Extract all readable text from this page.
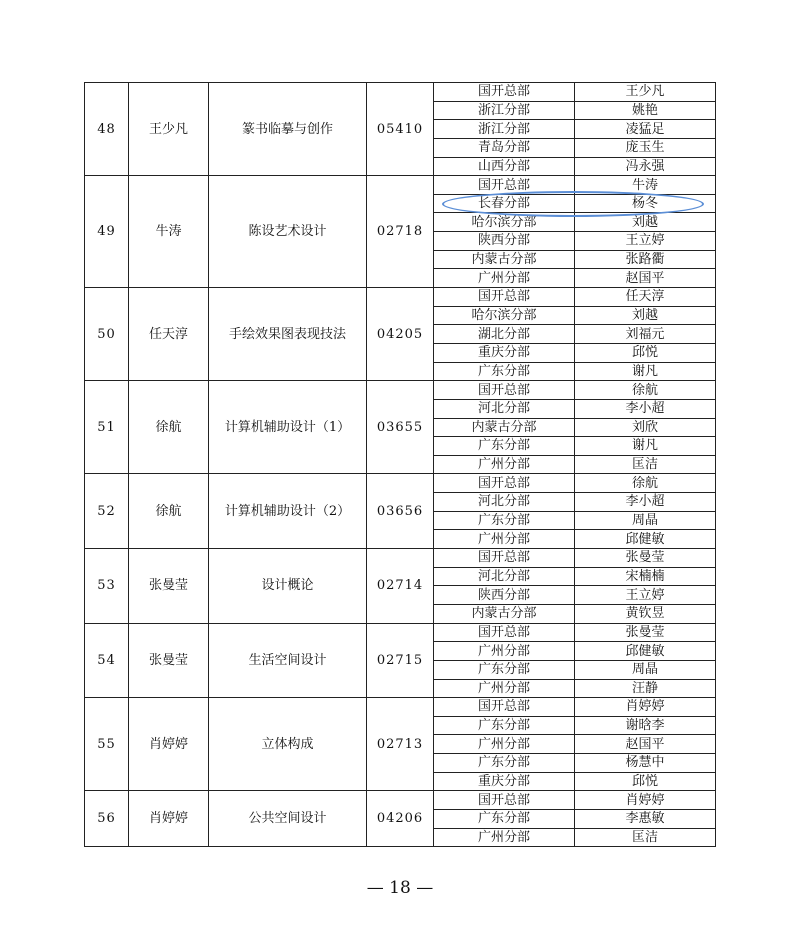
48	王少凡	篆书临摹与创作	05410	国开总部	王少凡
				浙江分部	姚艳
				浙江分部	凌猛足
				青岛分部	庞玉生
				山西分部	冯永强
49	牛涛	陈设艺术设计	02718	国开总部	牛涛
				长春分部	杨冬
				哈尔滨分部	刘越
				陕西分部	王立婷
				内蒙古分部	张路衢
				广州分部	赵国平
50	任天淳	手绘效果图表现技法	04205	国开总部	任天淳
				哈尔滨分部	刘越
				湖北分部	刘福元
				重庆分部	邱悦
				广东分部	谢凡
51	徐航	计算机辅助设计（1）	03655	国开总部	徐航
				河北分部	李小超
				内蒙古分部	刘欣
				广东分部	谢凡
				广州分部	匡洁
52	徐航	计算机辅助设计（2）	03656	国开总部	徐航
				河北分部	李小超
				广东分部	周晶
				广州分部	邱健敏
53	张曼莹	设计概论	02714	国开总部	张曼莹
				河北分部	宋楠楠
				陕西分部	王立婷
				内蒙古分部	黄钦昱
54	张曼莹	生活空间设计	02715	国开总部	张曼莹
				广州分部	邱健敏
				广东分部	周晶
				广州分部	汪静
55	肖婷婷	立体构成	02713	国开总部	肖婷婷
				广东分部	谢晗李
				广州分部	赵国平
				广东分部	杨慧中
				重庆分部	邱悦
56	肖婷婷	公共空间设计	04206	国开总部	肖婷婷
				广东分部	李惠敏
				广州分部	匡洁
— 18 —
